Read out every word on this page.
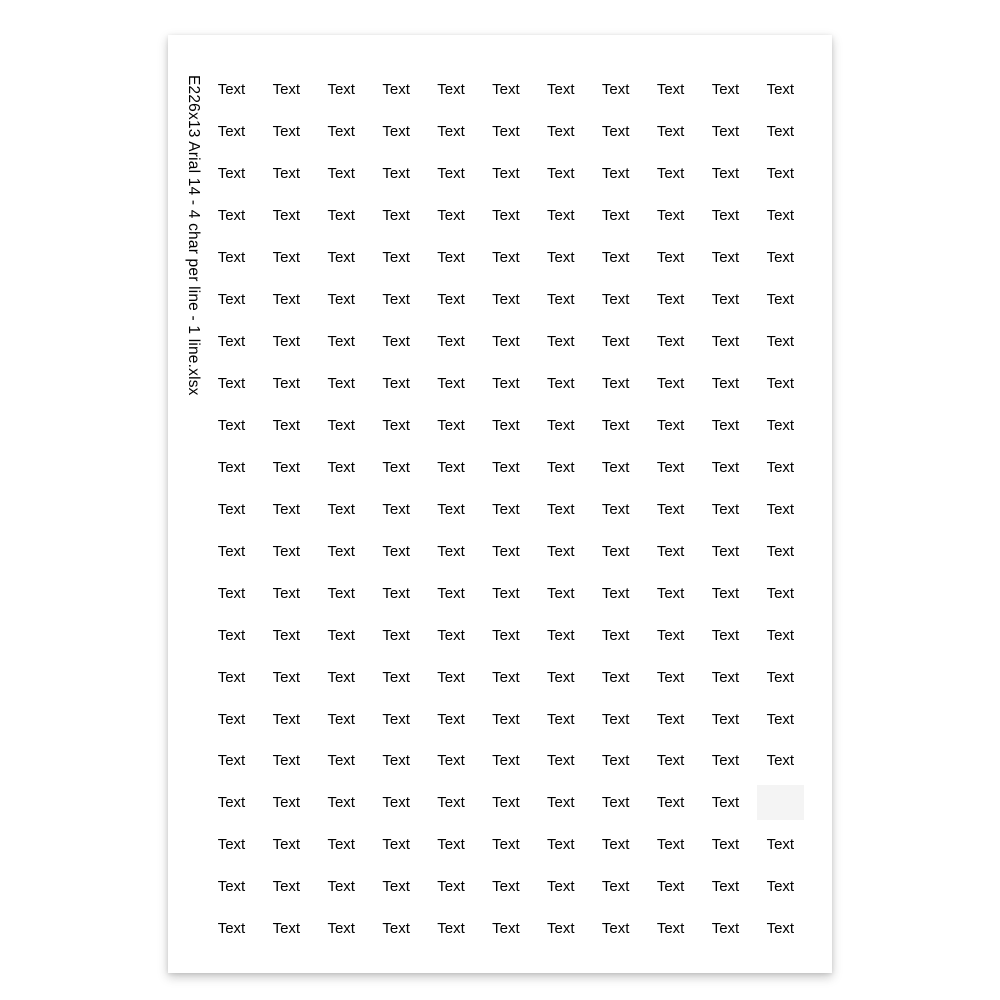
E226x13 Arial 14 - 4 char per line - 1 line.xlsx	Text	Text	Text	Text	Text	Text	Text	Text	Text	Text	Text
Text	Text	Text	Text	Text	Text	Text	Text	Text	Text	Text
Text	Text	Text	Text	Text	Text	Text	Text	Text	Text	Text
Text	Text	Text	Text	Text	Text	Text	Text	Text	Text	Text
Text	Text	Text	Text	Text	Text	Text	Text	Text	Text	Text
Text	Text	Text	Text	Text	Text	Text	Text	Text	Text	Text
Text	Text	Text	Text	Text	Text	Text	Text	Text	Text	Text
Text	Text	Text	Text	Text	Text	Text	Text	Text	Text	Text
Text	Text	Text	Text	Text	Text	Text	Text	Text	Text	Text
Text	Text	Text	Text	Text	Text	Text	Text	Text	Text	Text
Text	Text	Text	Text	Text	Text	Text	Text	Text	Text	Text
Text	Text	Text	Text	Text	Text	Text	Text	Text	Text	Text
Text	Text	Text	Text	Text	Text	Text	Text	Text	Text	Text
Text	Text	Text	Text	Text	Text	Text	Text	Text	Text	Text
Text	Text	Text	Text	Text	Text	Text	Text	Text	Text	Text
Text	Text	Text	Text	Text	Text	Text	Text	Text	Text	Text
Text	Text	Text	Text	Text	Text	Text	Text	Text	Text	Text
Text	Text	Text	Text	Text	Text	Text	Text	Text	Text
Text	Text	Text	Text	Text	Text	Text	Text	Text	Text	Text
Text	Text	Text	Text	Text	Text	Text	Text	Text	Text	Text
Text	Text	Text	Text	Text	Text	Text	Text	Text	Text	Text
